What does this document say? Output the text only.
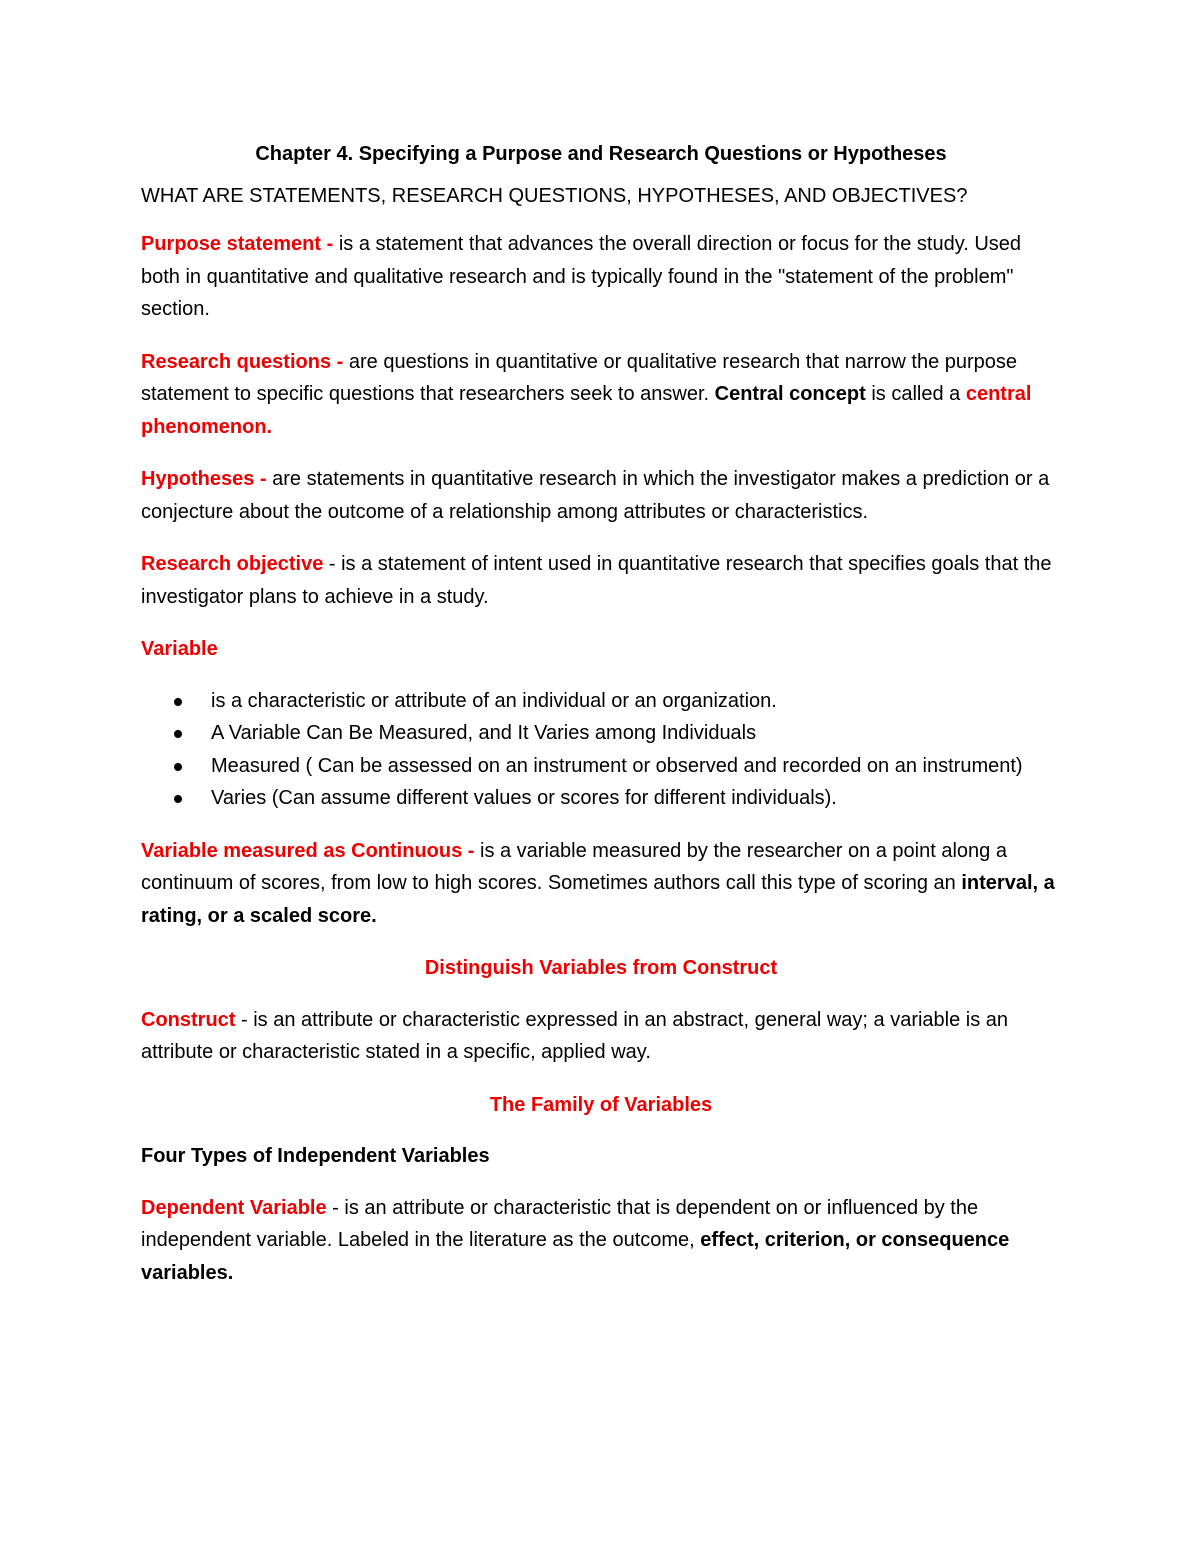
Chapter 4. Specifying a Purpose and Research Questions or Hypotheses
WHAT ARE STATEMENTS, RESEARCH QUESTIONS, HYPOTHESES, AND OBJECTIVES?

Purpose statement - is a statement that advances the overall direction or focus for the study. Used both in quantitative and qualitative research and is typically found in the "statement of the problem" section.

Research questions - are questions in quantitative or qualitative research that narrow the purpose statement to specific questions that researchers seek to answer. Central concept is called a central phenomenon.

Hypotheses - are statements in quantitative research in which the investigator makes a prediction or a conjecture about the outcome of a relationship among attributes or characteristics.

Research objective - is a statement of intent used in quantitative research that specifies goals that the investigator plans to achieve in a study.

Variable
is a characteristic or attribute of an individual or an organization.
A Variable Can Be Measured, and It Varies among Individuals
Measured ( Can be assessed on an instrument or observed and recorded on an instrument)
Varies (Can assume different values or scores for different individuals).

Variable measured as Continuous - is a variable measured by the researcher on a point along a continuum of scores, from low to high scores. Sometimes authors call this type of scoring an interval, a rating, or a scaled score.

Distinguish Variables from Construct

Construct - is an attribute or characteristic expressed in an abstract, general way; a variable is an attribute or characteristic stated in a specific, applied way.

The Family of Variables
Four Types of Independent Variables

Dependent Variable - is an attribute or characteristic that is dependent on or influenced by the independent variable. Labeled in the literature as the outcome, effect, criterion, or consequence variables.
